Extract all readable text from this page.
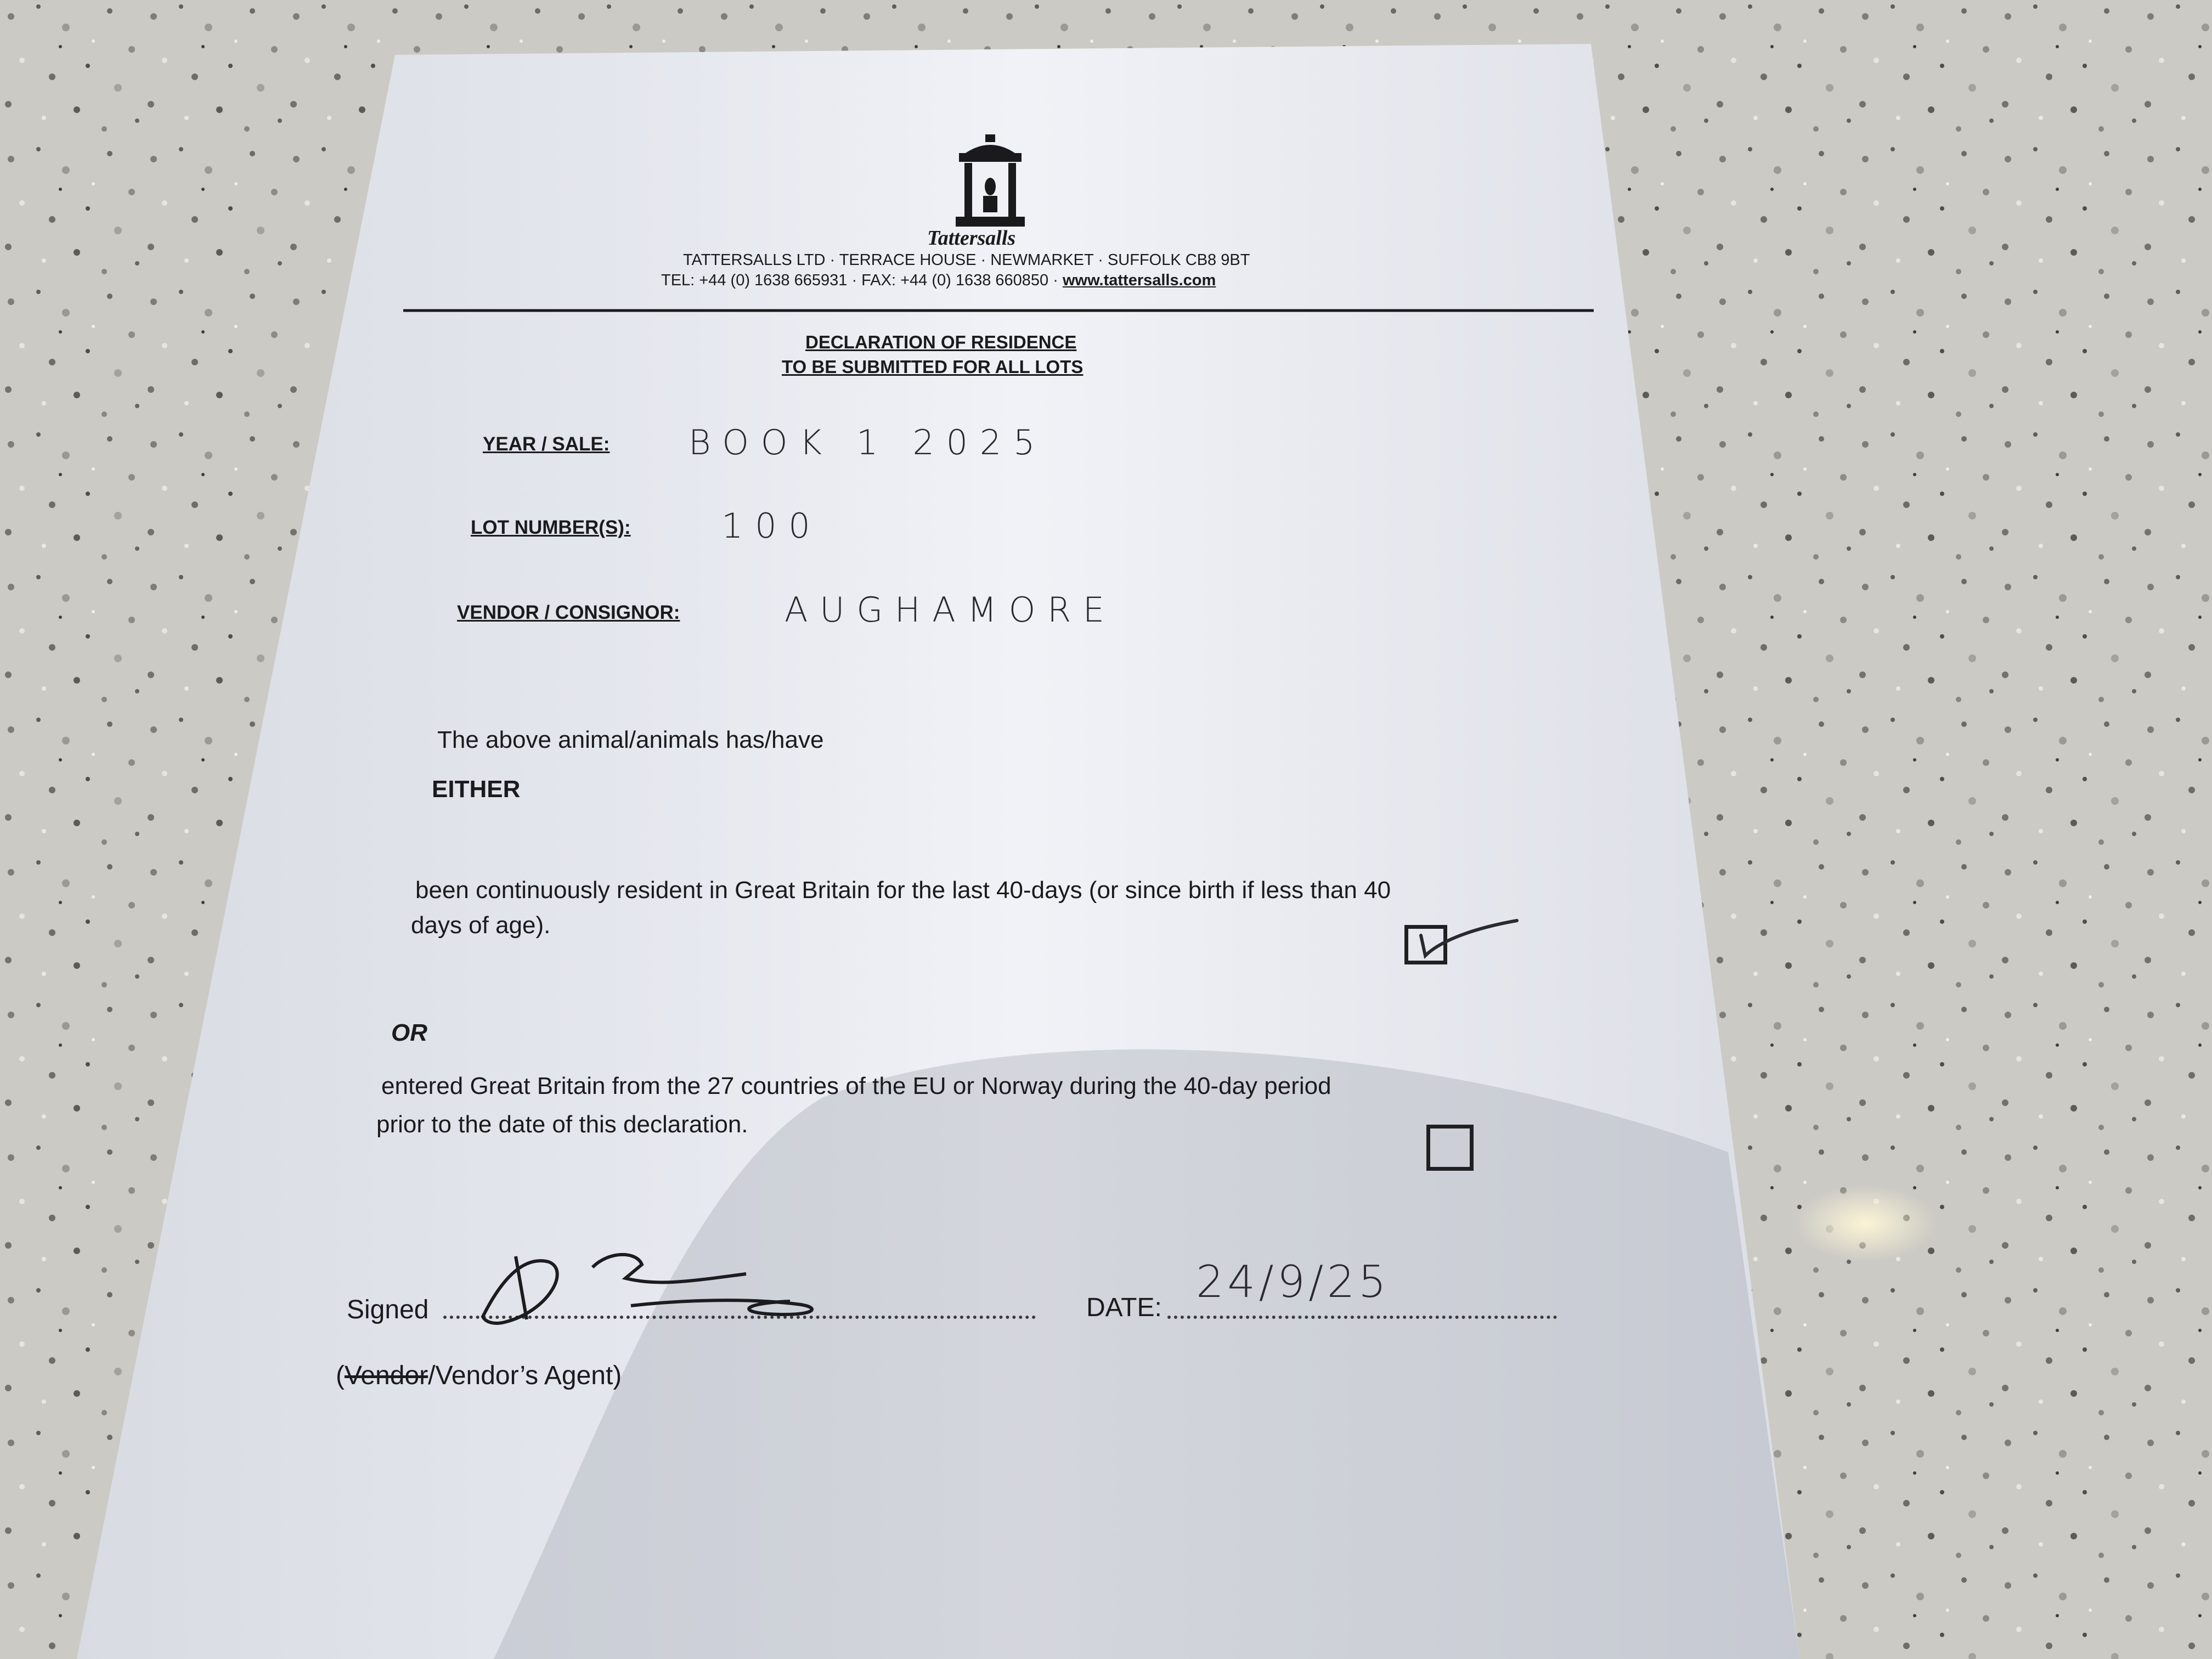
Tattersalls
TATTERSALLS LTD · TERRACE HOUSE · NEWMARKET · SUFFOLK CB8 9BT
TEL: +44 (0) 1638 665931 · FAX: +44 (0) 1638 660850 · www.tattersalls.com
DECLARATION OF RESIDENCE
TO BE SUBMITTED FOR ALL LOTS
YEAR / SALE: BOOK 1 2025
LOT NUMBER(S):	100
VENDOR / CONSIGNOR:	AUGHAMORE
The above animal/animals has/have
EITHER
been continuously resident in Great Britain for the last 40-days (or since birth if less than 40
days of age).
OR
entered Great Britain from the 27 countries of the EU or Norway during the 40-day period
prior to the date of this declaration.
Signed	DATE:
24/9/25
(Vendor/Vendor’s Agent)
